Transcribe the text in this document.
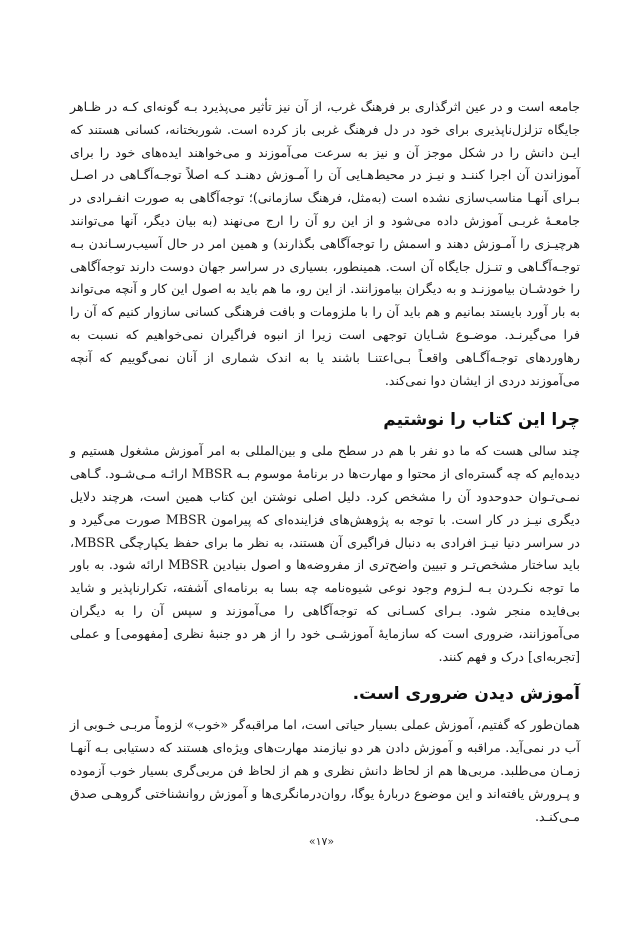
جامعه است و در عین اثرگذاری بر فرهنگ غرب، از آن نیز تأثیر می‌پذیرد بـه گونه‌ای کـه در ظـاهر جایگاه تزلزل‌ناپذیری برای خود در دل فرهنگ غربی باز کرده است. شوربختانه، کسانی هستند که ایـن دانش را در شکل موجز آن و نیز به سرعت می‌آموزند و می‌خواهند ایده‌های خود را برای آموزاندن آن اجرا کننـد و نیـز در محیط‌هـایی آن را آمـوزش دهنـد کـه اصلاً توجـه‌آگـاهی در اصـل بـرای آنهـا مناسب‌سازی نشده است (به‌مثل، فرهنگ سازمانی)؛ توجه‌آگاهی به صورت انفـرادی در جامعـهٔ غربـی آموزش داده می‌شود و از این رو آن را ارج می‌نهند (به بیان دیگر، آنها می‌توانند هرچیـزی را آمـوزش دهند و اسمش را توجه‌آگاهی بگذارند) و همین امر در حال آسیب‌رسـاندن بـه توجـه‌آگـاهی و تنـزل جایگاه آن است. همینطور، بسیاری در سراسر جهان دوست دارند توجه‌آگاهی را خودشـان بیاموزنـد و به دیگران بیاموزانند. از این رو، ما هم باید به اصول این کار و آنچه می‌تواند به بار آورد بایستد بمانیم و هم باید آن را با ملزومات و بافت فرهنگی کسانی سازوار کنیم که آن را فرا می‌گیرنـد. موضـوع شـایان توجهی است زیرا از انبوه فراگیران نمی‌خواهیم که نسبت به رهاوردهای توجـه‌آگـاهی واقعـاً بـی‌اعتنـا باشند یا به اندک شماری از آنان نمی‌گوییم که آنچه می‌آموزند دردی از ایشان دوا نمی‌کند.

چرا این کتاب را نوشتیم

چند سالی هست که ما دو نفر با هم در سطح ملی و بین‌المللی به امر آموزش مشغول هستیم و دیده‌ایم که چه گستره‌ای از محتوا و مهارت‌ها در برنامهٔ موسوم بـه MBSR ارائـه مـی‌شـود. گـاهی نمـی‌تـوان حدوحدود آن را مشخص کرد. دلیل اصلی نوشتن این کتاب همین است، هرچند دلایل دیگری نیـز در کار است. با توجه به پژوهش‌های فزاینده‌ای که پیرامون MBSR صورت می‌گیرد و در سراسر دنیا نیـز افرادی به دنبال فراگیری آن هستند، به نظر ما برای حفظ یکپارچگی MBSR، باید ساختار مشخص‌تـر و تبیین واضح‌تری از مفروضه‌ها و اصول بنیادین MBSR ارائه شود. به باور ما توجه نکـردن بـه لـزوم وجود نوعی شیوه‌نامه چه بسا به برنامه‌ای آشفته، تکرارناپذیر و شاید بی‌فایده منجر شود. بـرای کسـانی که توجه‌آگاهی را می‌آموزند و سپس آن را به دیگران می‌آموزانند، ضروری است که سازمایهٔ آموزشـی خود را از هر دو جنبهٔ نظری [مفهومی] و عملی [تجربه‌ای] درک و فهم کنند.

آموزش دیدن ضروری است.

همان‌طور که گفتیم، آموزش عملی بسیار حیاتی است، اما مراقبه‌گر «خوب» لزوماً مربـی خـوبی از آب در نمی‌آید. مراقبه و آموزش دادن هر دو نیازمند مهارت‌های ویژه‌ای هستند که دستیابی بـه آنهـا زمـان می‌طلبد. مربی‌ها هم از لحاظ دانش نظری و هم از لحاظ فن مربی‌گری بسیار خوب آزموده و پـرورش یافته‌اند و این موضوع دربارهٔ یوگا، روان‌درمانگری‌ها و آموزش روانشناختی گروهـی صدق مـی‌کنـد.

«۱۷»
